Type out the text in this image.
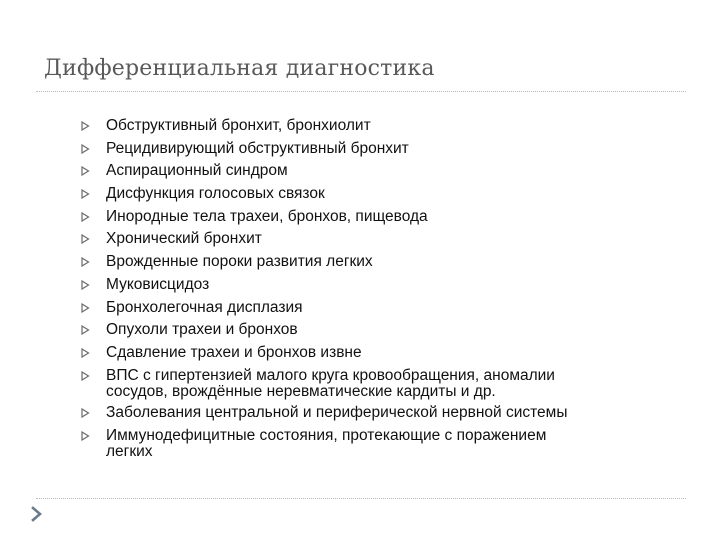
Дифференциальная диагностика
Обструктивный бронхит, бронхиолит
Рецидивирующий обструктивный бронхит
Аспирационный синдром
Дисфункция голосовых связок
Инородные тела трахеи, бронхов, пищевода
Хронический бронхит
Врожденные пороки развития легких
Муковисцидоз
Бронхолегочная дисплазия
Опухоли трахеи и бронхов
Сдавление трахеи и бронхов извне
ВПС с гипертензией малого круга кровообращения, аномалии
сосудов, врождённые неревматические кардиты и др.
Заболевания центральной и периферической нервной системы
Иммунодефицитные состояния, протекающие с поражением
легких
